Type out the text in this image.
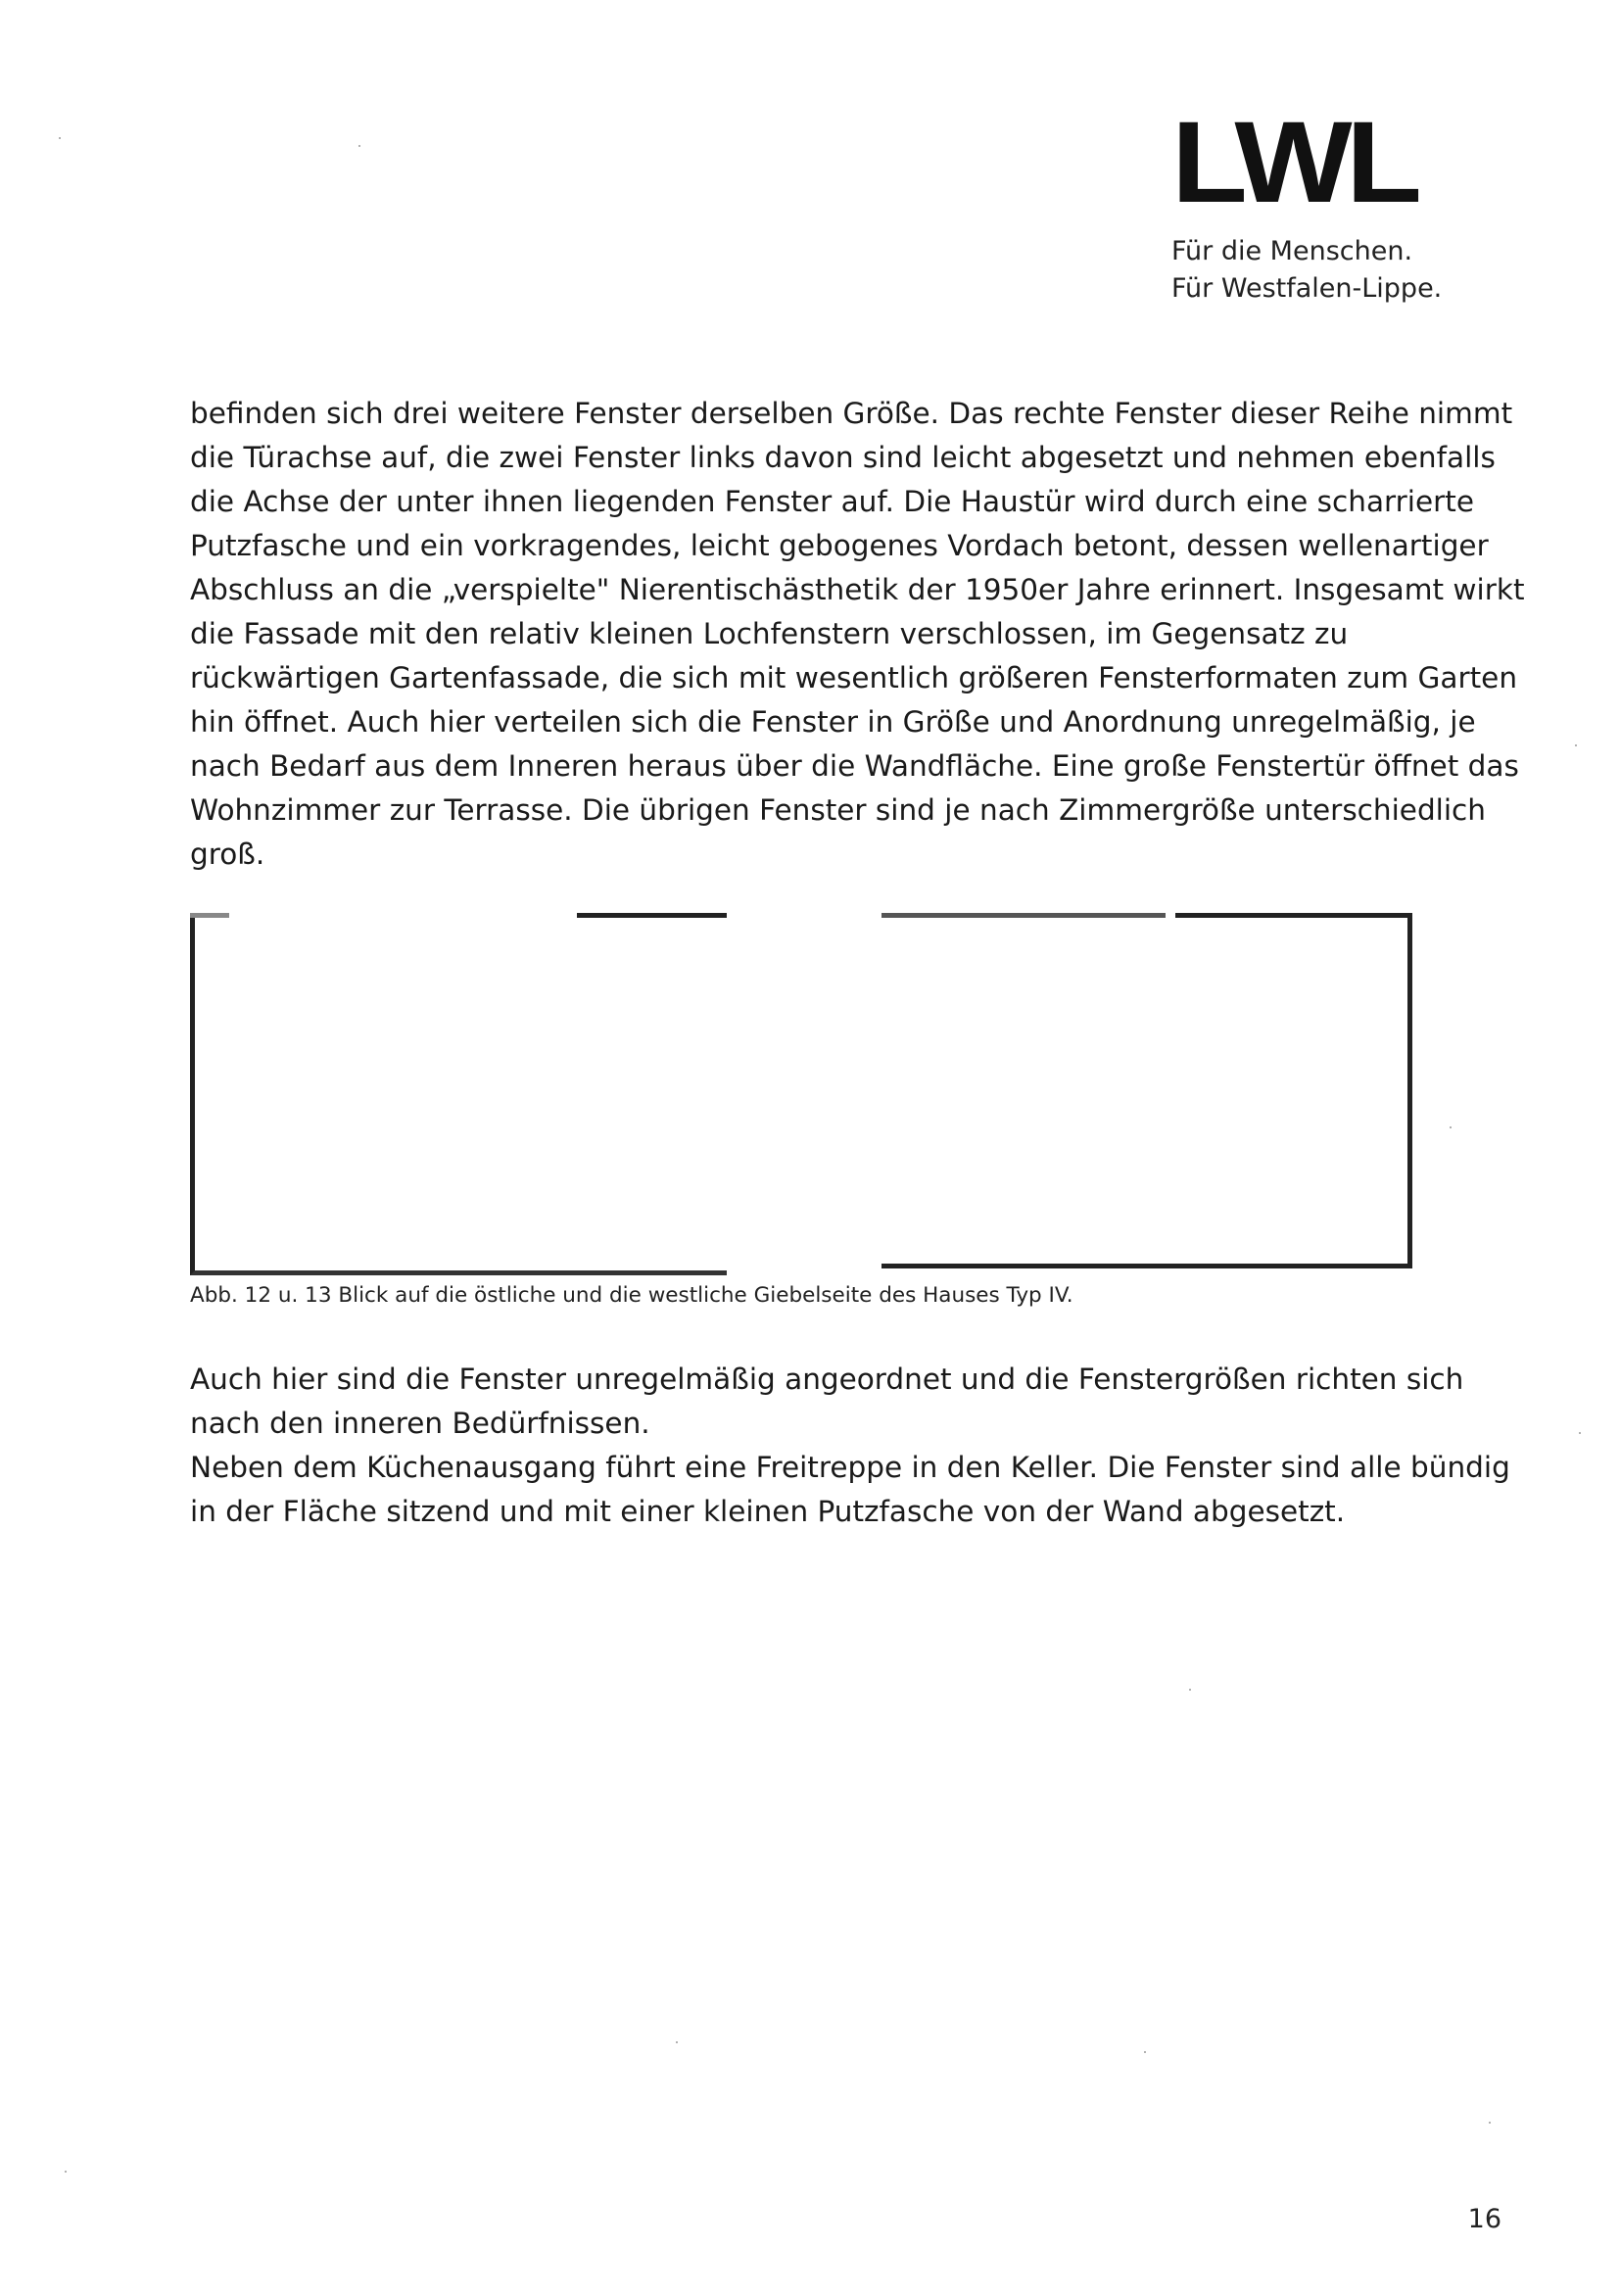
LWL
Für die Menschen.
Für Westfalen-Lippe.

befinden sich drei weitere Fenster derselben Größe. Das rechte Fenster dieser Reihe nimmt
die Türachse auf, die zwei Fenster links davon sind leicht abgesetzt und nehmen ebenfalls
die Achse der unter ihnen liegenden Fenster auf. Die Haustür wird durch eine scharrierte
Putzfasche und ein vorkragendes, leicht gebogenes Vordach betont, dessen wellenartiger
Abschluss an die „verspielte" Nierentischästhetik der 1950er Jahre erinnert. Insgesamt wirkt
die Fassade mit den relativ kleinen Lochfenstern verschlossen, im Gegensatz zu
rückwärtigen Gartenfassade, die sich mit wesentlich größeren Fensterformaten zum Garten
hin öffnet. Auch hier verteilen sich die Fenster in Größe und Anordnung unregelmäßig, je
nach Bedarf aus dem Inneren heraus über die Wandfläche. Eine große Fenstertür öffnet das
Wohnzimmer zur Terrasse. Die übrigen Fenster sind je nach Zimmergröße unterschiedlich
groß.

Abb. 12 u. 13 Blick auf die östliche und die westliche Giebelseite des Hauses Typ IV.

Auch hier sind die Fenster unregelmäßig angeordnet und die Fenstergrößen richten sich
nach den inneren Bedürfnissen.

Neben dem Küchenausgang führt eine Freitreppe in den Keller. Die Fenster sind alle bündig
in der Fläche sitzend und mit einer kleinen Putzfasche von der Wand abgesetzt.

16
